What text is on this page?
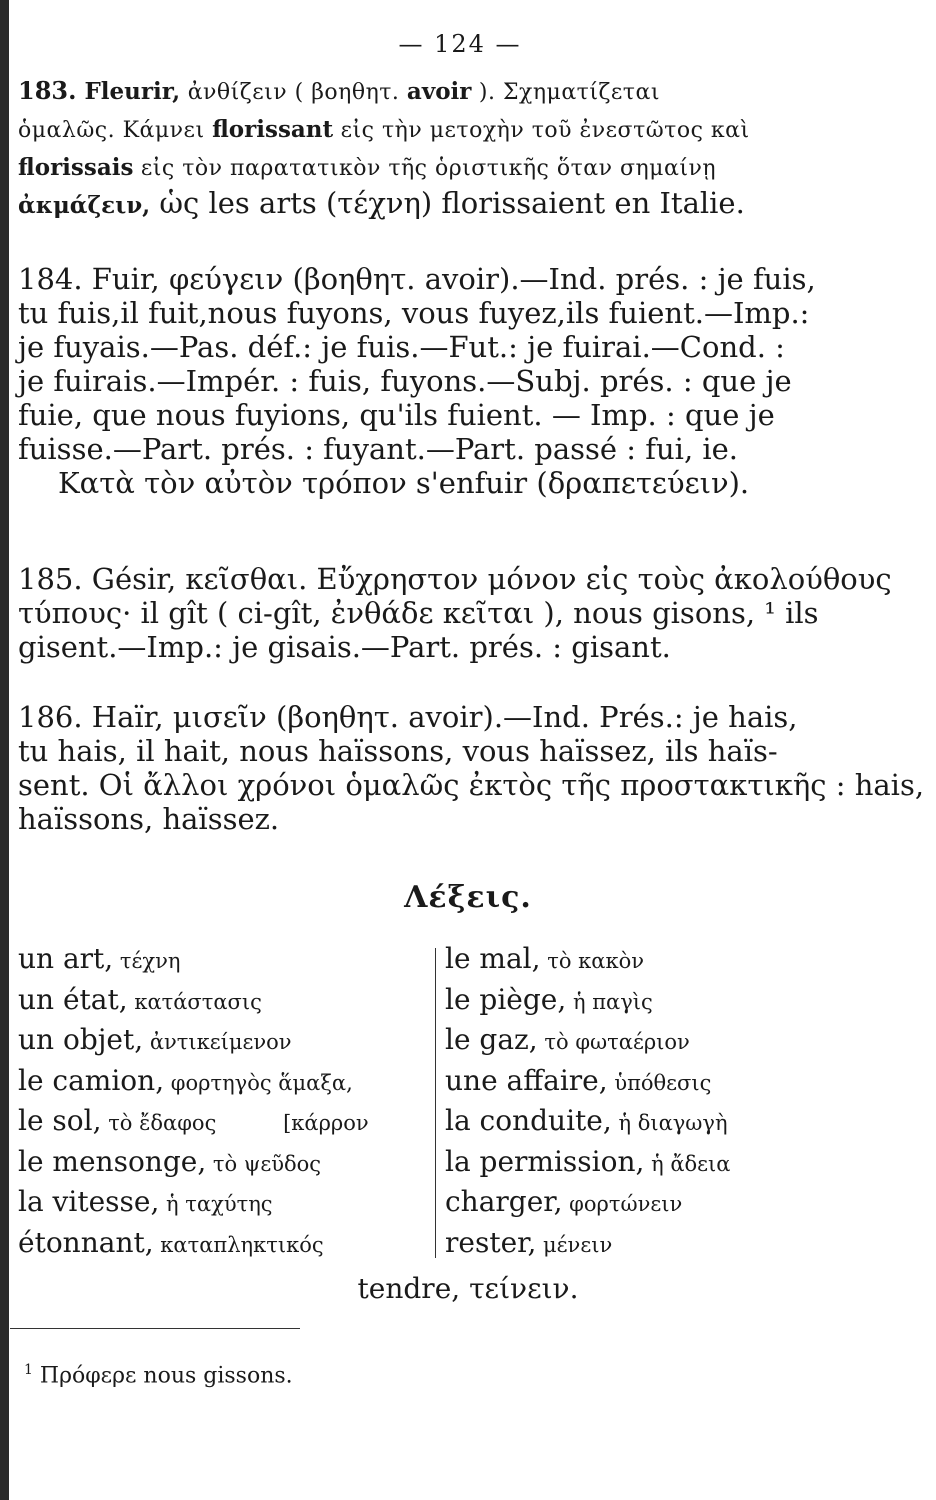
— 124 —

183. Fleurir, ἀνθίζειν ( βοηθητ. avoir ). Σχηματίζεται
ὁμαλῶς. Κάμνει florissant εἰς τὴν μετοχὴν τοῦ ἐνεστῶτος καὶ
florissais εἰς τὸν παρατατικὸν τῆς ὁριστικῆς ὅταν σημαίνῃ
ἀκμάζειν, ὡς les arts (τέχνη) florissaient en Italie.

184. Fuir, φεύγειν (βοηθητ. avoir).—Ind. prés. : je fuis,
tu fuis,il fuit,nous fuyons, vous fuyez,ils fuient.—Imp.:
je fuyais.—Pas. déf.: je fuis.—Fut.: je fuirai.—Cond. :
je fuirais.—Impér. : fuis, fuyons.—Subj. prés. : que je
fuie, que nous fuyions, qu'ils fuient. — Imp. : que je
fuisse.—Part. prés. : fuyant.—Part. passé : fui, ie.
Κατὰ τὸν αὐτὸν τρόπον s'enfuir (δραπετεύειν).

185. Gésir, κεῖσθαι. Εὔχρηστον μόνον εἰς τοὺς ἀκολούθους
τύπους· il gît ( ci-gît, ἐνθάδε κεῖται ), nous gisons, ¹ ils
gisent.—Imp.: je gisais.—Part. prés. : gisant.

186. Haïr, μισεῖν (βοηθητ. avoir).—Ind. Prés.: je hais,
tu hais, il hait, nous haïssons, vous haïssez, ils haïs-
sent. Οἱ ἄλλοι χρόνοι ὁμαλῶς ἐκτὸς τῆς προστακτικῆς : hais,
haïssons, haïssez.

Λέξεις.
un art, τέχνη
un état, κατάστασις
un objet, ἀντικείμενον
le camion, φορτηγὸς ἅμαξα,
le sol, τὸ ἔδαφος          [κάρρον
le mensonge, τὸ ψεῦδος
la vitesse, ἡ ταχύτης
étonnant, καταπληκτικός
le mal, τὸ κακὸν
le piège, ἡ παγὶς
le gaz, τὸ φωταέριον
une affaire, ὑπόθεσις
la conduite, ἡ διαγωγὴ
la permission, ἡ ἄδεια
charger, φορτώνειν
rester, μένειν
tendre, τείνειν.
$^1$ Πρόφερε nous gissons.
